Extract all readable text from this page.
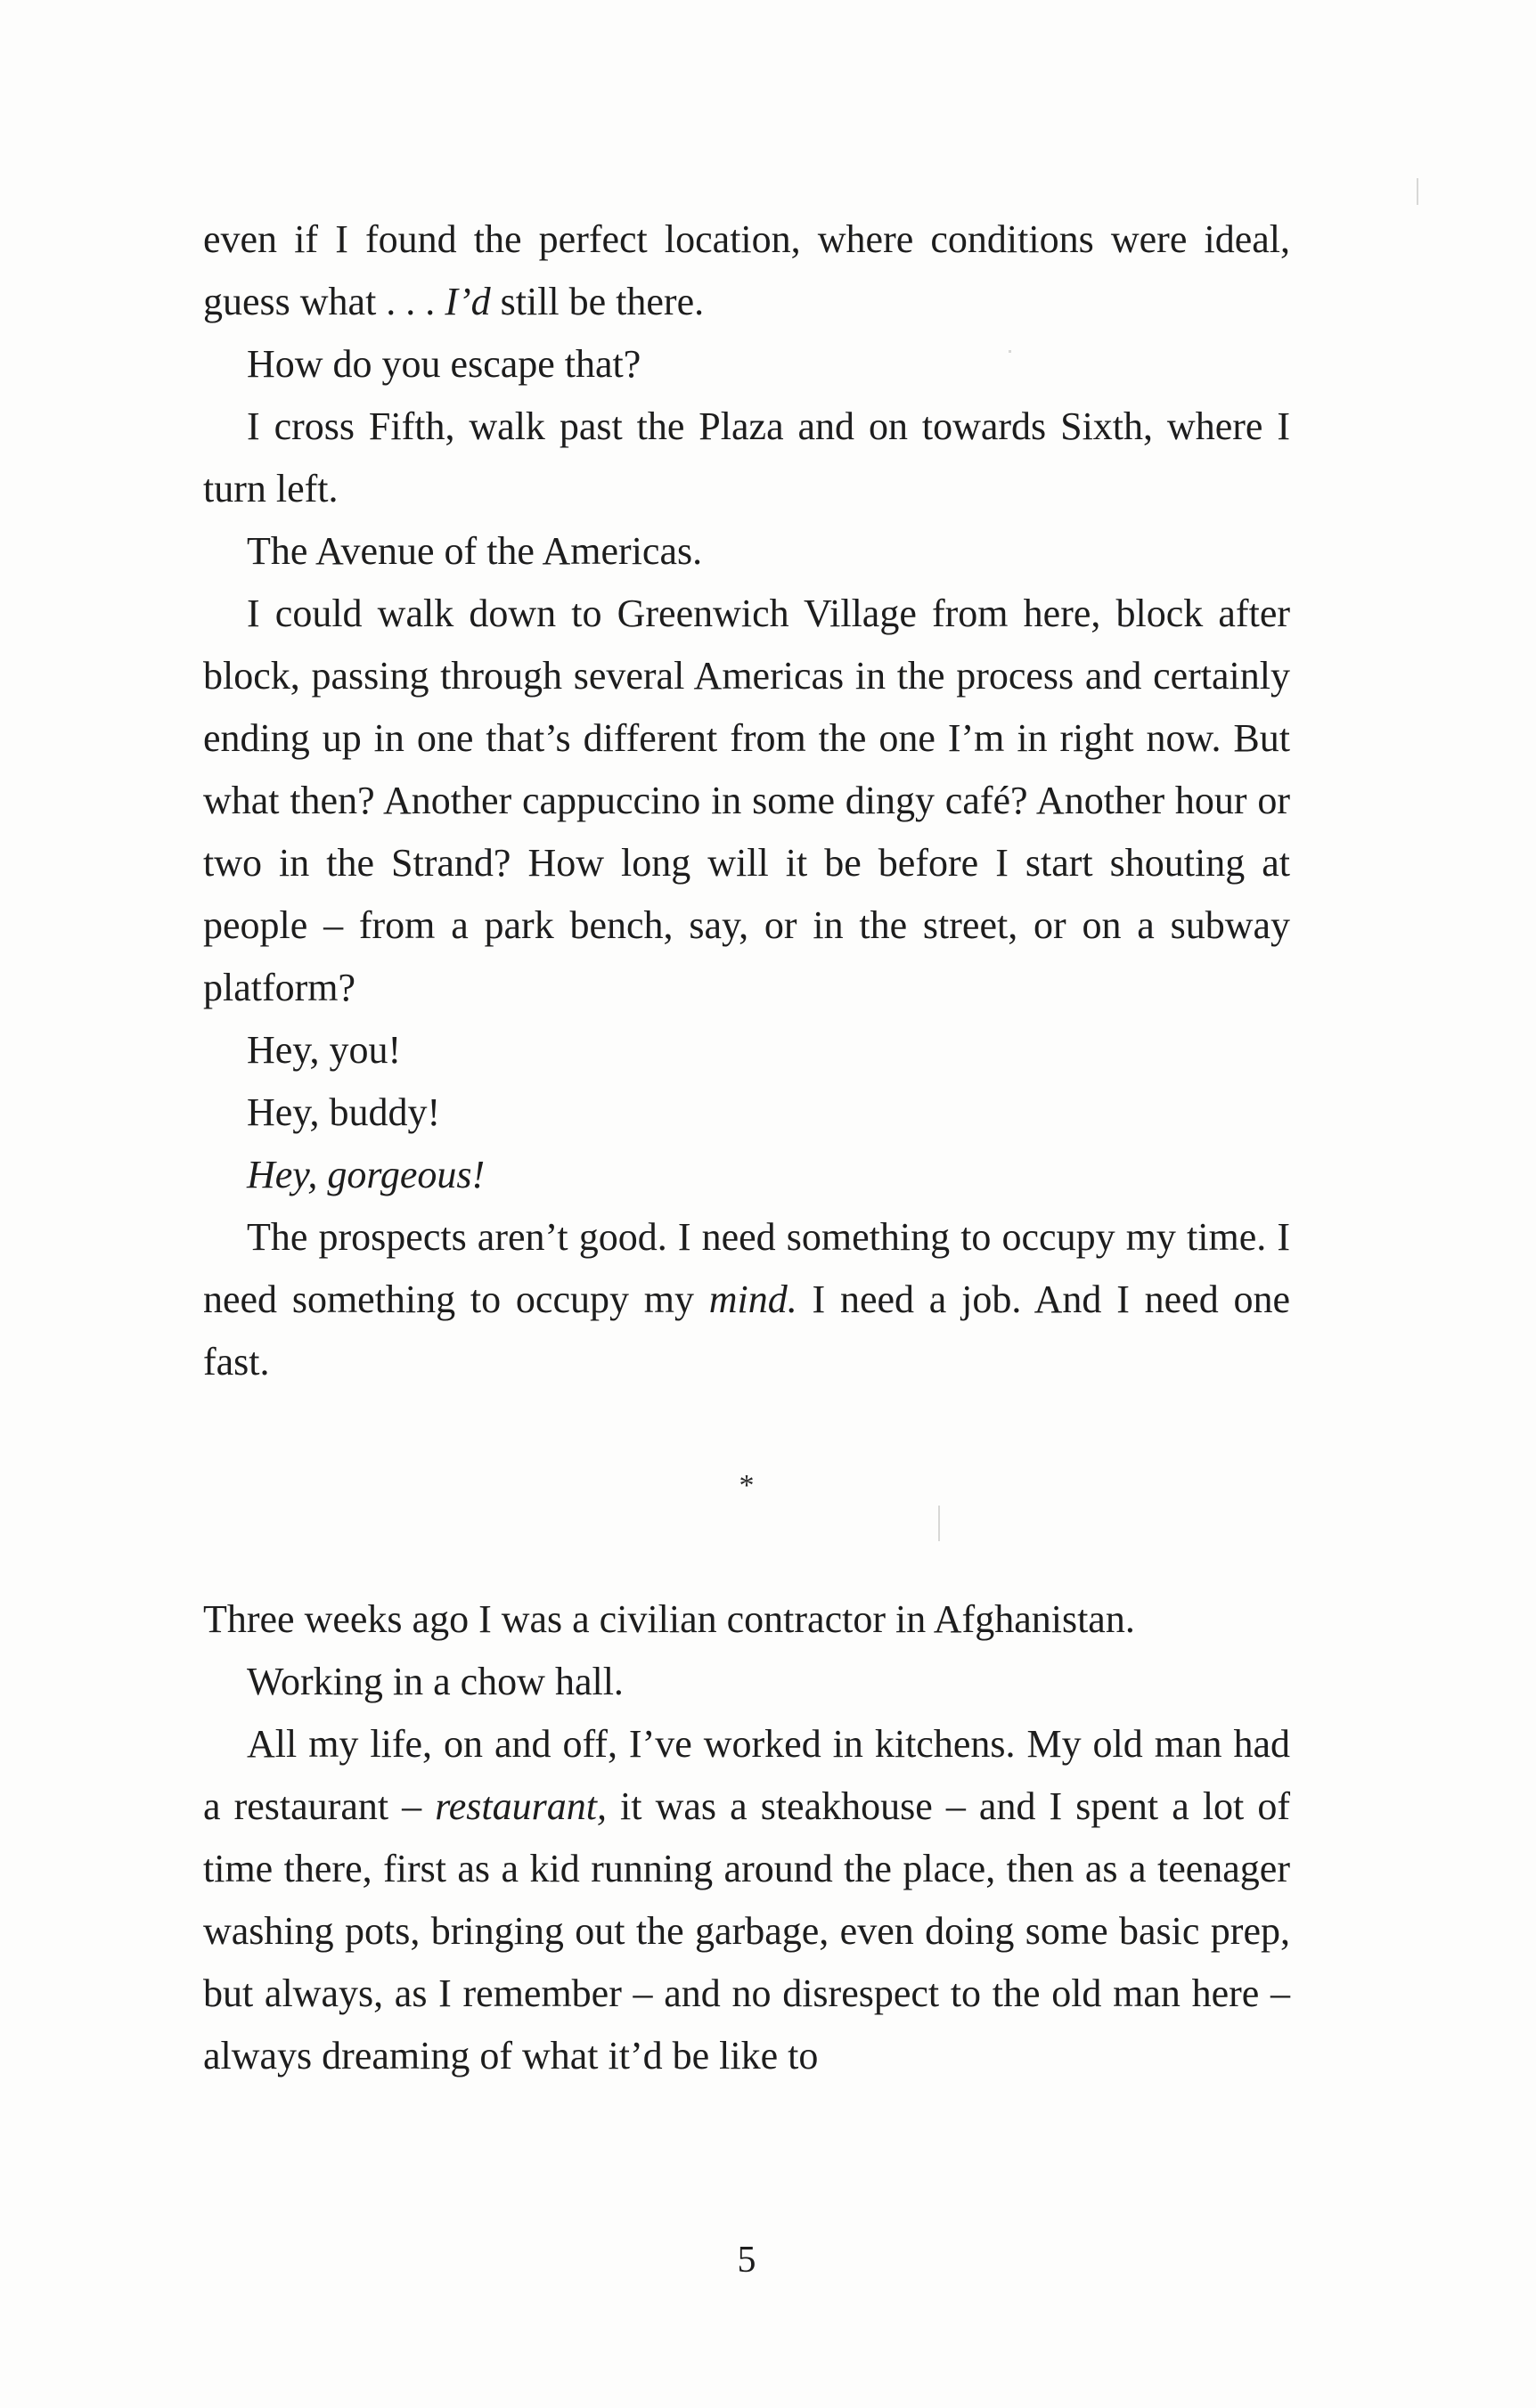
even if I found the perfect location, where conditions were ideal, guess what . . . I’d still be there.

How do you escape that?

I cross Fifth, walk past the Plaza and on towards Sixth, where I turn left.

The Avenue of the Americas.

I could walk down to Greenwich Village from here, block after block, passing through several Americas in the process and certainly ending up in one that’s different from the one I’m in right now. But what then? Another cappuccino in some dingy café? Another hour or two in the Strand? How long will it be before I start shouting at people – from a park bench, say, or in the street, or on a subway platform?

Hey, you!

Hey, buddy!

Hey, gorgeous!

The prospects aren’t good. I need something to occupy my time. I need something to occupy my mind. I need a job. And I need one fast.

*

Three weeks ago I was a civilian contractor in Afghanistan.

Working in a chow hall.

All my life, on and off, I’ve worked in kitchens. My old man had a restaurant – restaurant, it was a steakhouse – and I spent a lot of time there, first as a kid running around the place, then as a teenager washing pots, bringing out the garbage, even doing some basic prep, but always, as I remember – and no disrespect to the old man here – always dreaming of what it’d be like to

5
